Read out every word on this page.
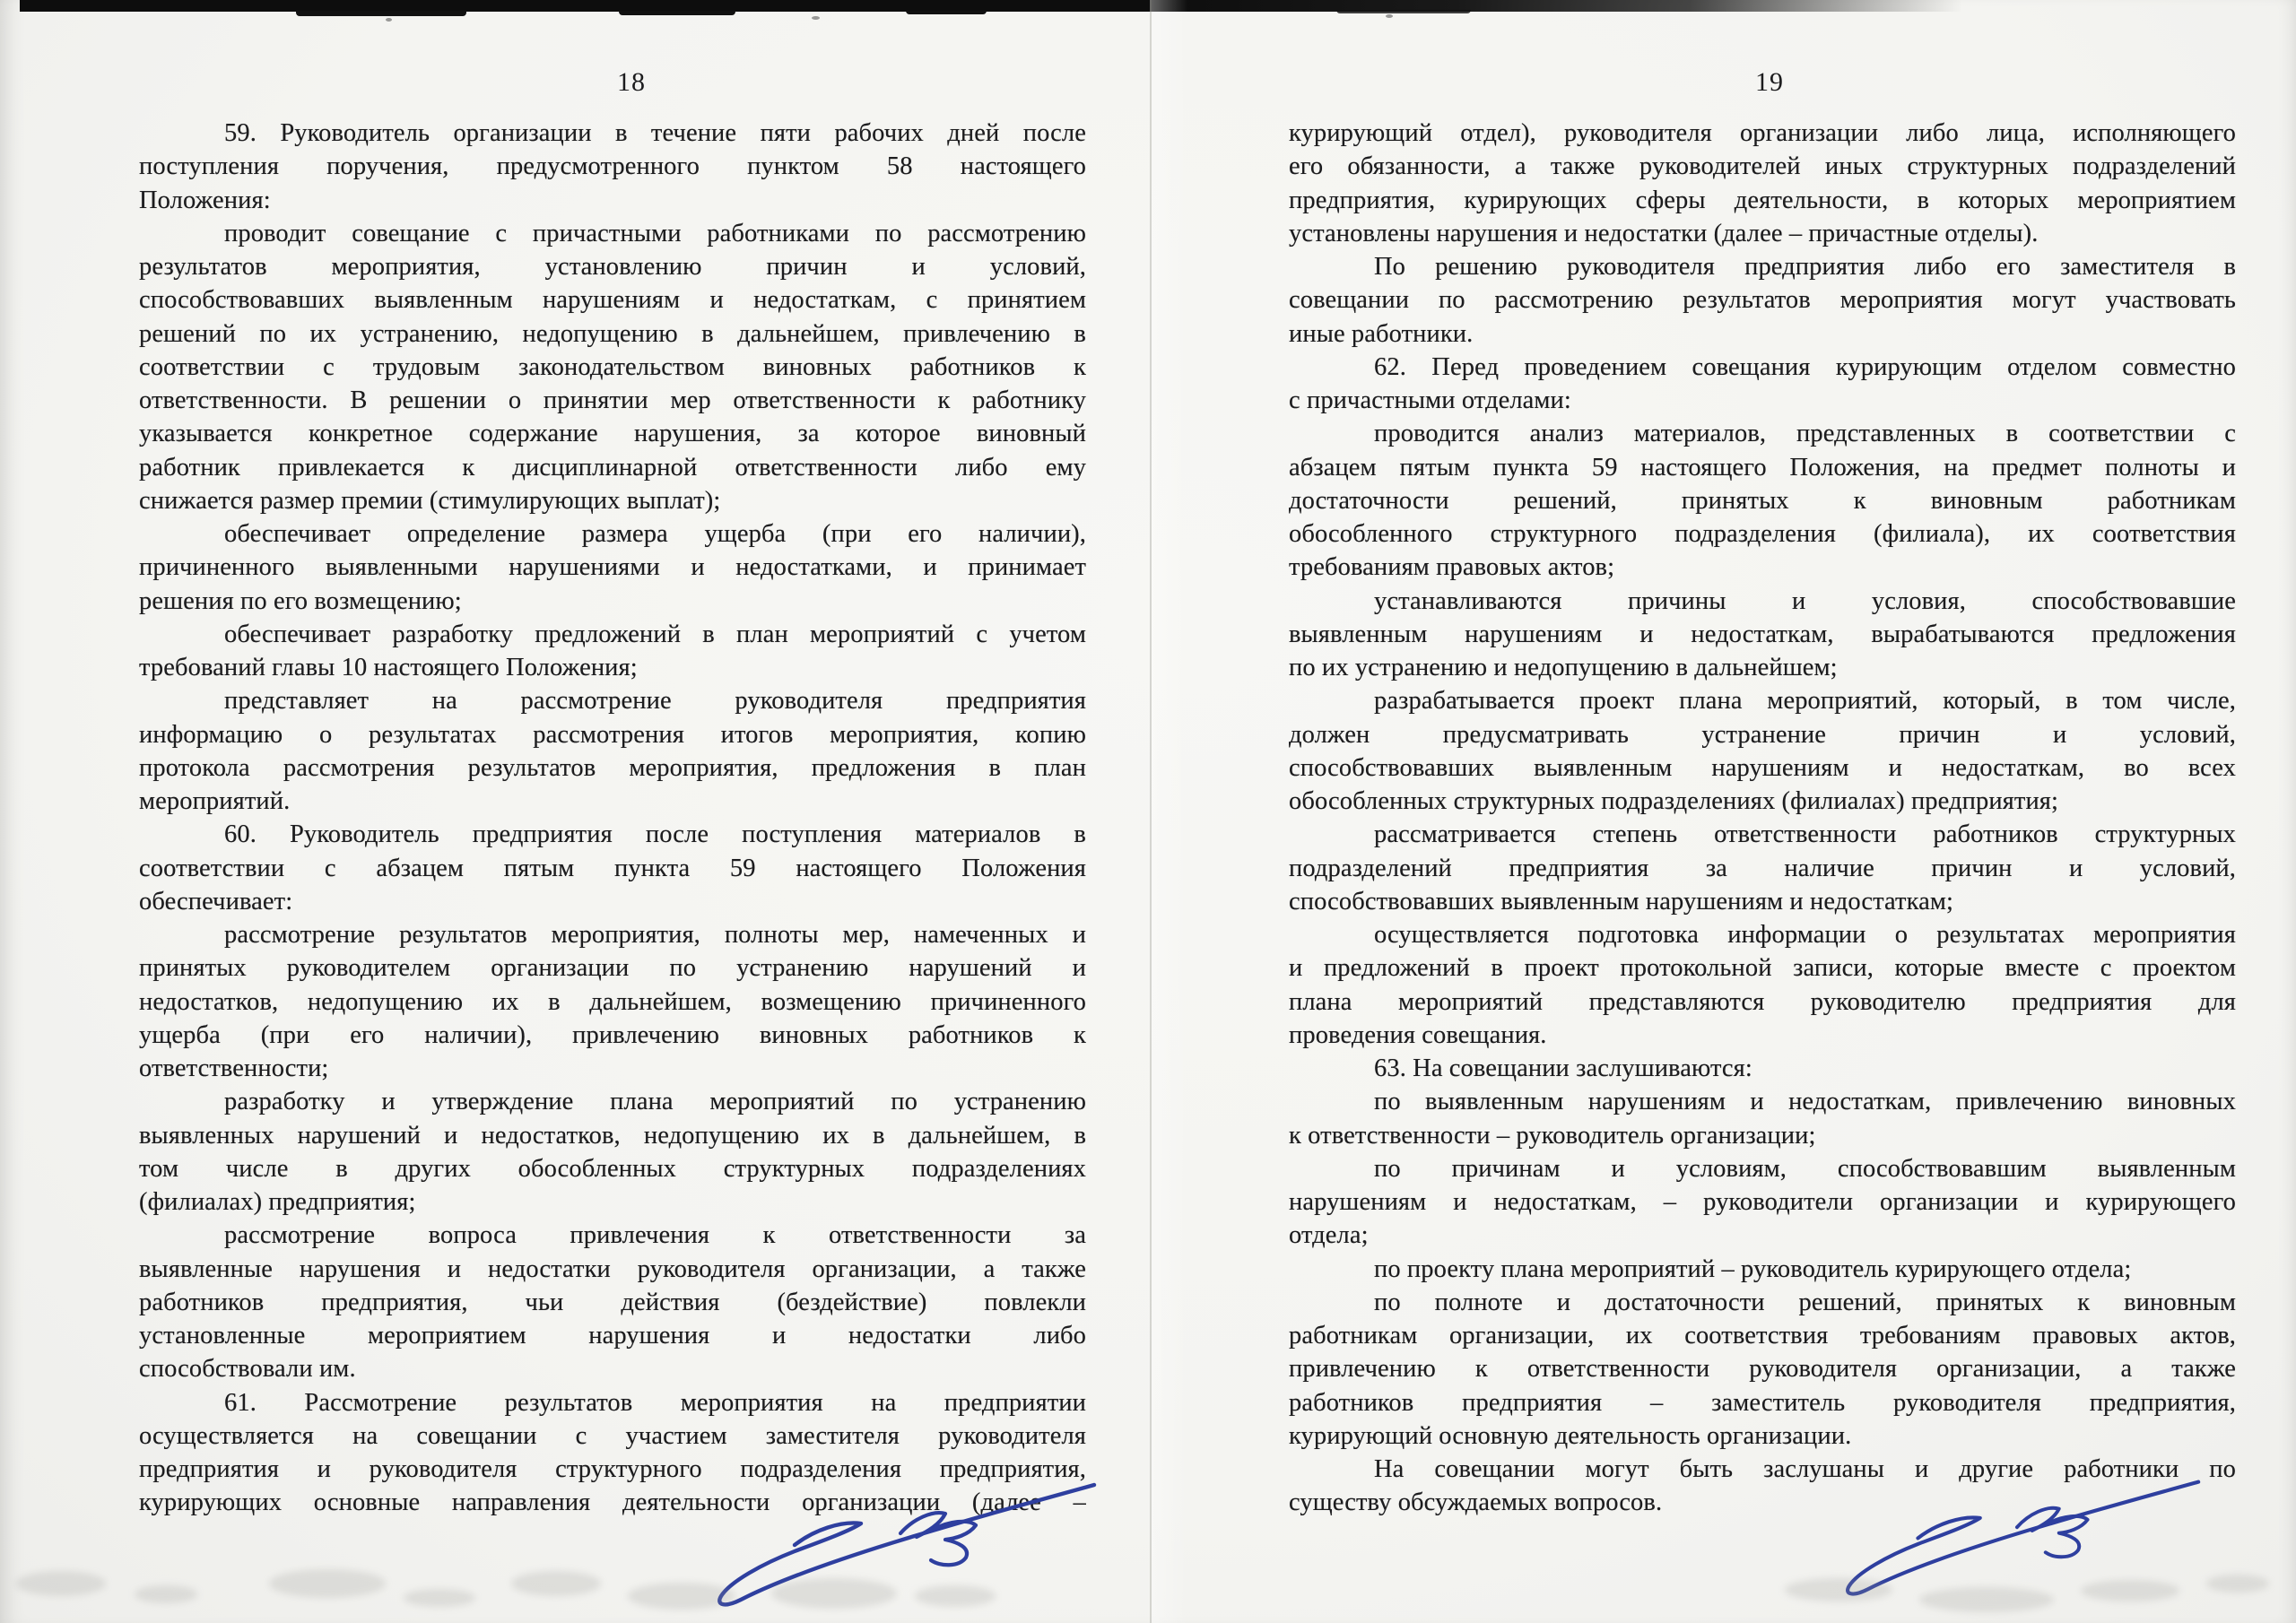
18
59. Руководитель организации в течение пяти рабочих дней после
поступления поручения, предусмотренного пунктом 58 настоящего
Положения:
проводит совещание с причастными работниками по рассмотрению
результатов мероприятия, установлению причин и условий,
способствовавших выявленным нарушениям и недостаткам, с принятием
решений по их устранению, недопущению в дальнейшем, привлечению в
соответствии с трудовым законодательством виновных работников к
ответственности. В решении о принятии мер ответственности к работнику
указывается конкретное содержание нарушения, за которое виновный
работник привлекается к дисциплинарной ответственности либо ему
снижается размер премии (стимулирующих выплат);
обеспечивает определение размера ущерба (при его наличии),
причиненного выявленными нарушениями и недостатками, и принимает
решения по его возмещению;
обеспечивает разработку предложений в план мероприятий с учетом
требований главы 10 настоящего Положения;
представляет на рассмотрение руководителя предприятия
информацию о результатах рассмотрения итогов мероприятия, копию
протокола рассмотрения результатов мероприятия, предложения в план
мероприятий.
60. Руководитель предприятия после поступления материалов в
соответствии с абзацем пятым пункта 59 настоящего Положения
обеспечивает:
рассмотрение результатов мероприятия, полноты мер, намеченных и
принятых руководителем организации по устранению нарушений и
недостатков, недопущению их в дальнейшем, возмещению причиненного
ущерба (при его наличии), привлечению виновных работников к
ответственности;
разработку и утверждение плана мероприятий по устранению
выявленных нарушений и недостатков, недопущению их в дальнейшем, в
том числе в других обособленных структурных подразделениях
(филиалах) предприятия;
рассмотрение вопроса привлечения к ответственности за
выявленные нарушения и недостатки руководителя организации, а также
работников предприятия, чьи действия (бездействие) повлекли
установленные мероприятием нарушения и недостатки либо
способствовали им.
61. Рассмотрение результатов мероприятия на предприятии
осуществляется на совещании с участием заместителя руководителя
предприятия и руководителя структурного подразделения предприятия,
курирующих основные направления деятельности организации (далее –
19
курирующий отдел), руководителя организации либо лица, исполняющего
его обязанности, а также руководителей иных структурных подразделений
предприятия, курирующих сферы деятельности, в которых мероприятием
установлены нарушения и недостатки (далее – причастные отделы).
По решению руководителя предприятия либо его заместителя в
совещании по рассмотрению результатов мероприятия могут участвовать
иные работники.
62. Перед проведением совещания курирующим отделом совместно
с причастными отделами:
проводится анализ материалов, представленных в соответствии с
абзацем пятым пункта 59 настоящего Положения, на предмет полноты и
достаточности решений, принятых к виновным работникам
обособленного структурного подразделения (филиала), их соответствия
требованиям правовых актов;
устанавливаются причины и условия, способствовавшие
выявленным нарушениям и недостаткам, вырабатываются предложения
по их устранению и недопущению в дальнейшем;
разрабатывается проект плана мероприятий, который, в том числе,
должен предусматривать устранение причин и условий,
способствовавших выявленным нарушениям и недостаткам, во всех
обособленных структурных подразделениях (филиалах) предприятия;
рассматривается степень ответственности работников структурных
подразделений предприятия за наличие причин и условий,
способствовавших выявленным нарушениям и недостаткам;
осуществляется подготовка информации о результатах мероприятия
и предложений в проект протокольной записи, которые вместе с проектом
плана мероприятий представляются руководителю предприятия для
проведения совещания.
63. На совещании заслушиваются:
по выявленным нарушениям и недостаткам, привлечению виновных
к ответственности – руководитель организации;
по причинам и условиям, способствовавшим выявленным
нарушениям и недостаткам, – руководители организации и курирующего
отдела;
по проекту плана мероприятий – руководитель курирующего отдела;
по полноте и достаточности решений, принятых к виновным
работникам организации, их соответствия требованиям правовых актов,
привлечению к ответственности руководителя организации, а также
работников предприятия – заместитель руководителя предприятия,
курирующий основную деятельность организации.
На совещании могут быть заслушаны и другие работники по
существу обсуждаемых вопросов.
